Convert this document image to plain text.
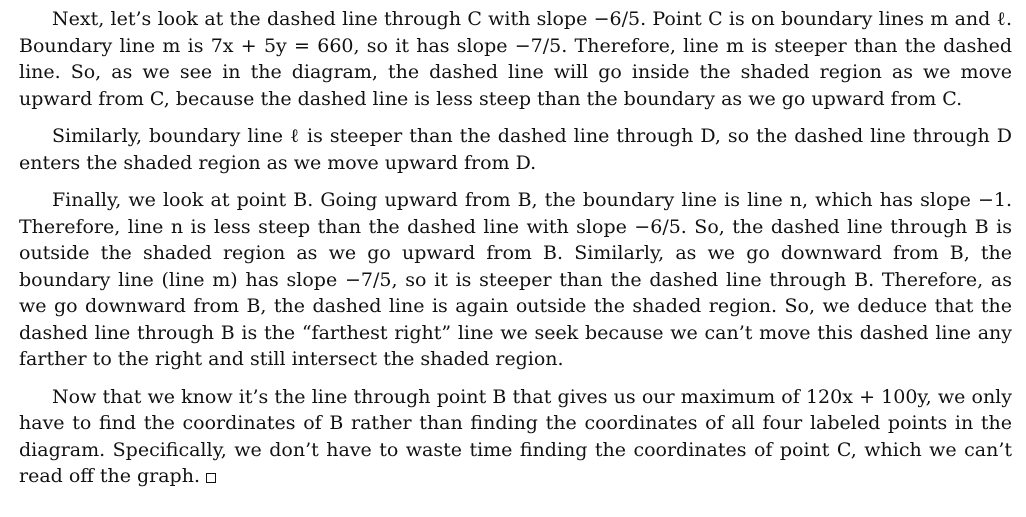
Next, let’s look at the dashed line through C with slope −6/5. Point C is on boundary lines m and ℓ. Boundary line m is 7x + 5y = 660, so it has slope −7/5. Therefore, line m is steeper than the dashed line. So, as we see in the diagram, the dashed line will go inside the shaded region as we move upward from C, because the dashed line is less steep than the boundary as we go upward from C.

Similarly, boundary line ℓ is steeper than the dashed line through D, so the dashed line through D enters the shaded region as we move upward from D.

Finally, we look at point B. Going upward from B, the boundary line is line n, which has slope −1. Therefore, line n is less steep than the dashed line with slope −6/5. So, the dashed line through B is outside the shaded region as we go upward from B. Similarly, as we go downward from B, the boundary line (line m) has slope −7/5, so it is steeper than the dashed line through B. Therefore, as we go downward from B, the dashed line is again outside the shaded region. So, we deduce that the dashed line through B is the “farthest right” line we seek because we can’t move this dashed line any farther to the right and still intersect the shaded region.

Now that we know it’s the line through point B that gives us our maximum of 120x + 100y, we only have to find the coordinates of B rather than finding the coordinates of all four labeled points in the diagram. Specifically, we don’t have to waste time finding the coordinates of point C, which we can’t read off the graph.
